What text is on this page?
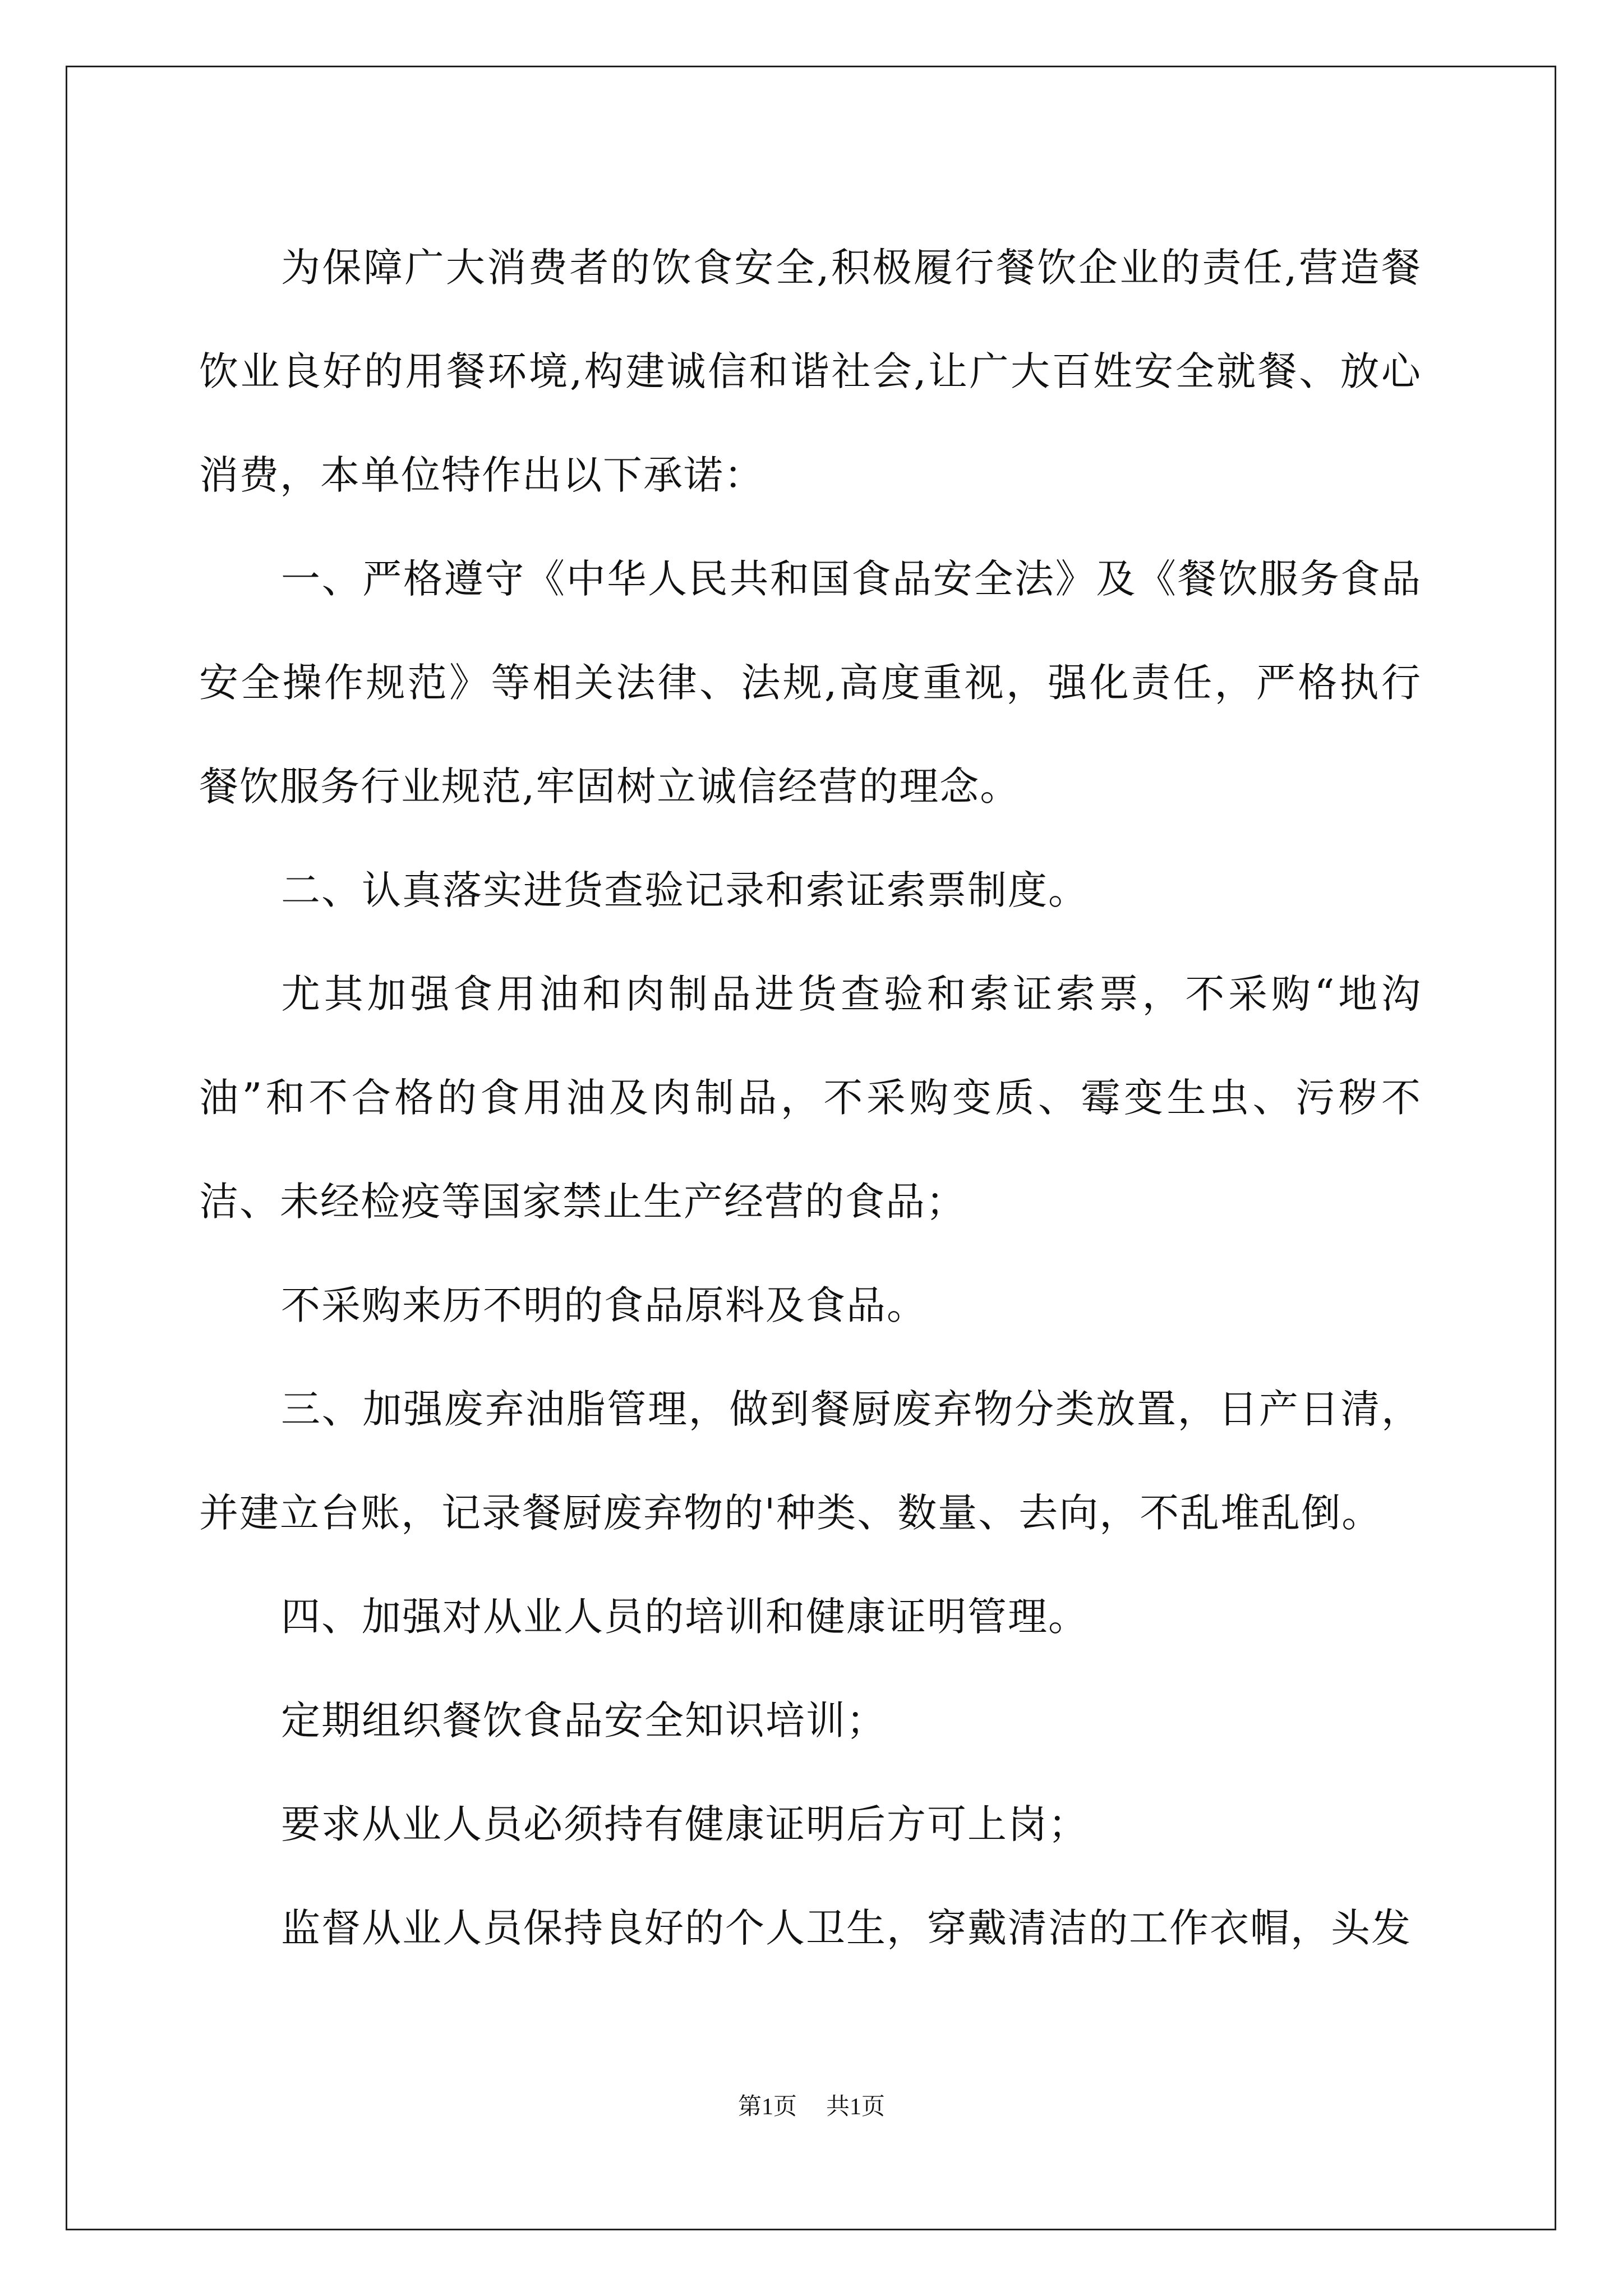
为保障广大消费者的饮食安全,积极履行餐饮企业的责任,营造餐饮业良好的用餐环境,构建诚信和谐社会,让广大百姓安全就餐、放心消费，本单位特作出以下承诺：

一、严格遵守《中华人民共和国食品安全法》及《餐饮服务食品安全操作规范》等相关法律、法规,高度重视，强化责任，严格执行餐饮服务行业规范,牢固树立诚信经营的理念。

二、认真落实进货查验记录和索证索票制度。

尤其加强食用油和肉制品进货查验和索证索票，不采购“地沟油”和不合格的食用油及肉制品，不采购变质、霉变生虫、污秽不洁、未经检疫等国家禁止生产经营的食品；

不采购来历不明的食品原料及食品。

三、加强废弃油脂管理，做到餐厨废弃物分类放置，日产日清，并建立台账，记录餐厨废弃物的'种类、数量、去向，不乱堆乱倒。

四、加强对从业人员的培训和健康证明管理。

定期组织餐饮食品安全知识培训；

要求从业人员必须持有健康证明后方可上岗；

监督从业人员保持良好的个人卫生，穿戴清洁的工作衣帽，头发

第1页 共1页
